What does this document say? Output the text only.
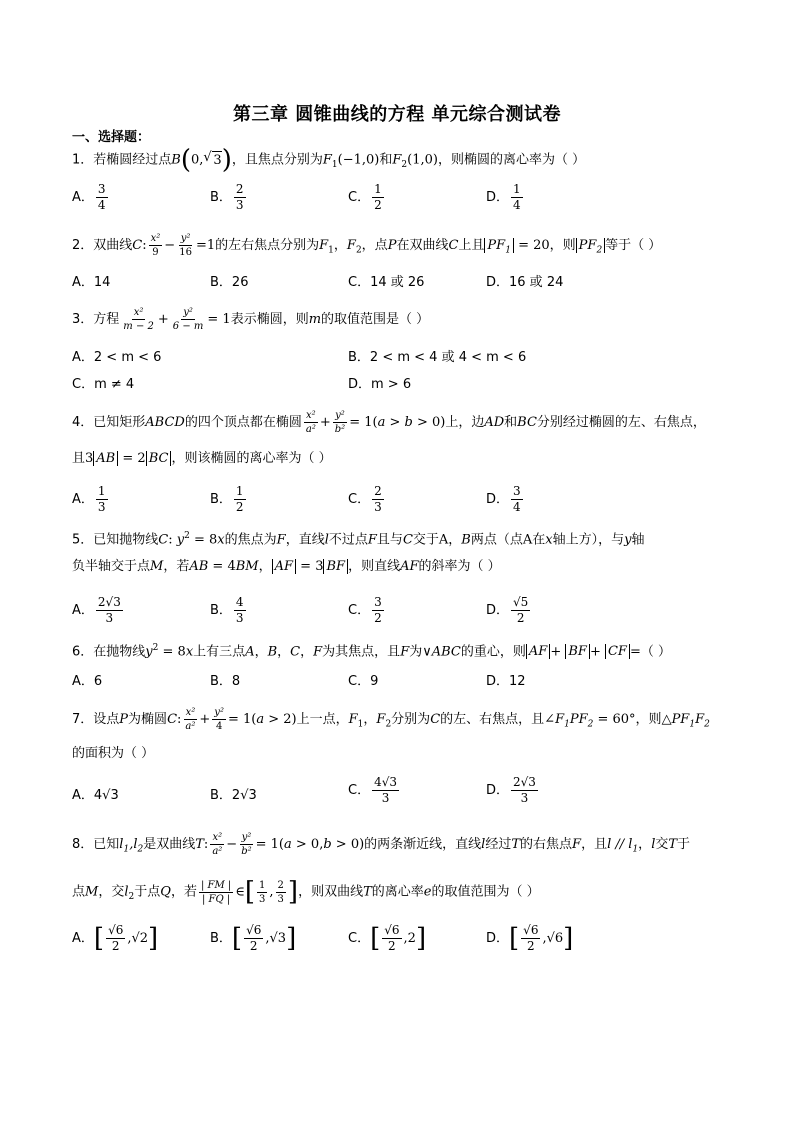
第三章 圆锥曲线的方程 单元综合测试卷
一、选择题：
1．若椭圆经过点B(0,√ 3)，且焦点分别为$F_1(-1,0)$和$F_2(1,0)$，则椭圆的离心率为（ ）
A． $\frac{3}{4}$	B． $\frac{2}{3}$	C． $\frac{1}{2}$	D． $\frac{1}{4}$
2．双曲线C: $\frac{\text{x²}}{9} - \frac{\text{y²}}{16} =1$的左右焦点分别为$F_1$，$F_2$，点P在双曲线C上且 $PF_1 = 20$，则 $PF_2$ 等于（ ）
A．14	B．26	C．14 或 26	D．16 或 24
3．方程 $\frac{\text{x²}}{m - 2} + \frac{\text{y²}}{6 - m} = 1$表示椭圆，则m的取值范围是（ ）
A．2 < m < 6	B．2 < m < 4 或 4 < m < 6
C．m ≠ 4	D．m > 6
4．已知矩形ABCD的四个顶点都在椭圆 $\frac{\text{x²}}{\text{a²}} + \frac{\text{y²}}{\text{b²}} = 1(a > b > 0)$上，边AD和BC分别经过椭圆的左、右焦点，
且3 AB = 2 BC ，则该椭圆的离心率为（ ）
A． $\frac{1}{3}$	B． $\frac{1}{2}$	C． $\frac{2}{3}$	D． $\frac{3}{4}$
5．已知抛物线C: $y^2 = 8x$的焦点为F，直线l不过点F且与C交于A，B两点（点A在x轴上方），与y轴
负半轴交于点M，若AB = 4BM， AF = 3 BF ，则直线AF的斜率为（ ）
A． $\frac{2√3}{3}$	B． $\frac{4}{3}$	C． $\frac{3}{2}$	D． $\frac{√5}{2}$
6．在抛物线$y^2 = 8x$上有三点A，B，C，F为其焦点，且F为∨ABC的重心，则 AF + BF + CF =（ ）
A．6	B．8	C．9	D．12
7．设点P为椭圆C: $\frac{\text{x²}}{\text{a²}} + \frac{\text{y²}}{4} = 1(a > 2)$上一点，$F_1$，$F_2$分别为C的左、右焦点，且$\angle F_1PF_2 = 60^\circ$，则$\triangle PF_1F_2$
的面积为（ ）
A．4√3	B．2√3	C． $\frac{4√3}{3}$	D． $\frac{2√3}{3}$
8．已知$l_1,l_2$是双曲线T: $\frac{\text{x²}}{\text{a²}} - \frac{\text{y²}}{\text{b²}} = 1(a > 0,b > 0)$的两条渐近线，直线l经过T的右焦点F，且l // $l_1$，l交T于
点M，交$l_2$于点Q，若 $\frac{| FM |}{| FQ |}$ ∈[ $\frac{1}{3}$ , $\frac{2}{3}$ ]，则双曲线T的离心率e的取值范围为（ ）
A．[ $\frac{√6}{2} ,√2$]	B．[ $\frac{√6}{2} ,√3$]	C．[ $\frac{√6}{2} ,2$]	D．[ $\frac{√6}{2} ,√6$]
